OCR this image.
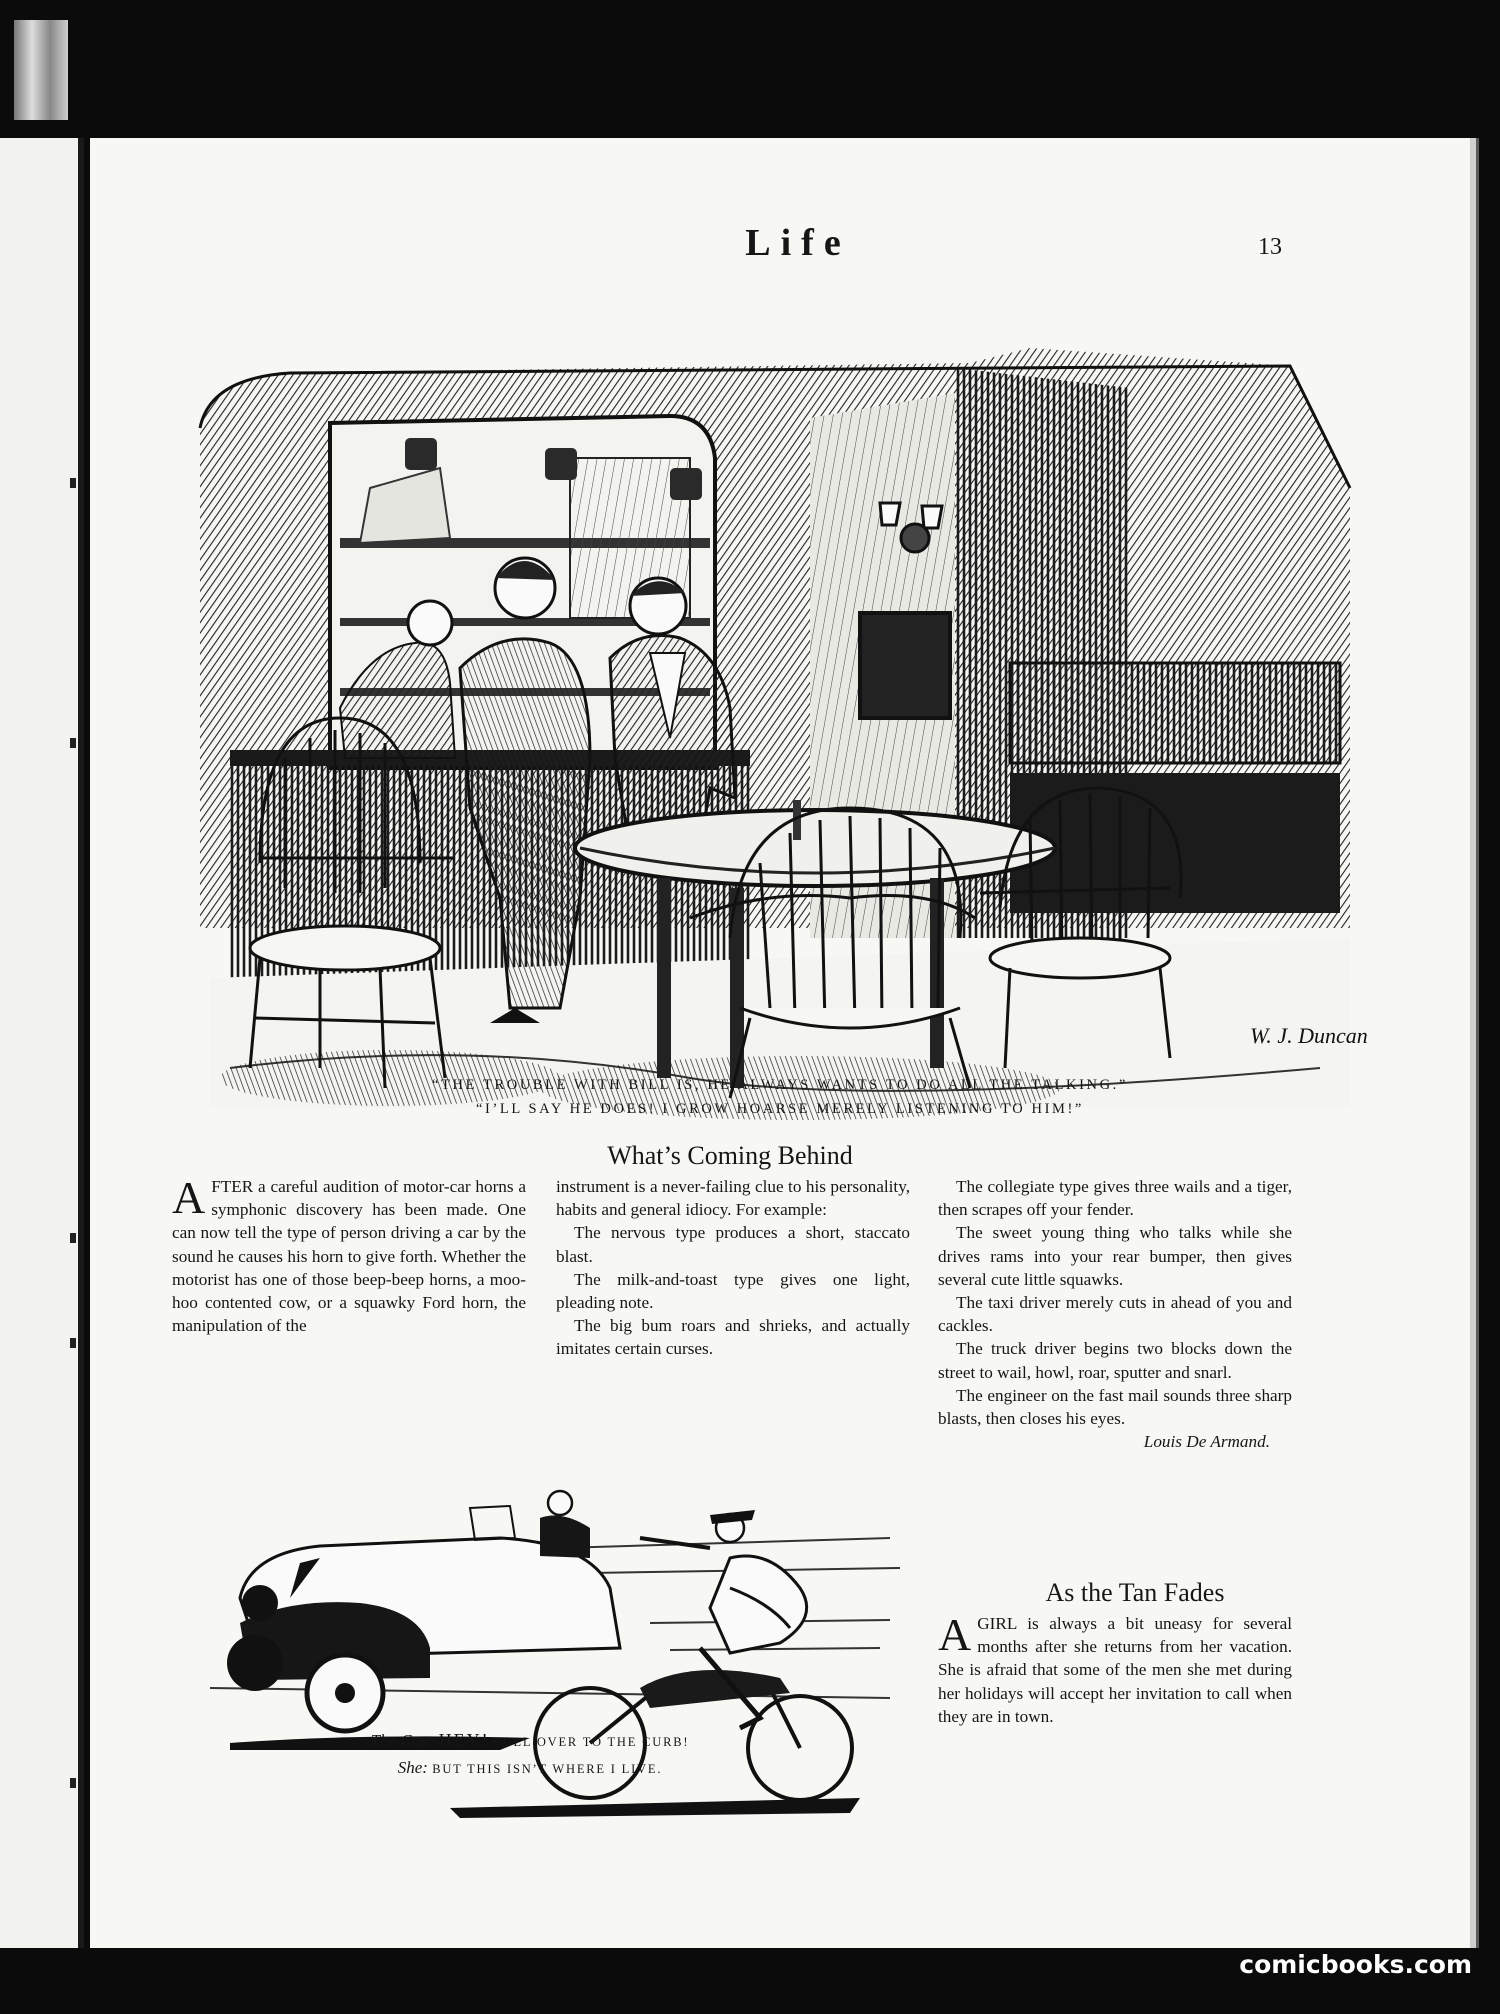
Life	13
W. J. Duncan
“THE TROUBLE WITH BILL IS, HE ALWAYS WANTS TO DO ALL THE TALKING.”
“I’LL SAY HE DOES! I GROW HOARSE MERELY LISTENING TO HIM!”
What’s Coming Behind

AFTER a careful audition of motor-car horns a symphonic discovery has been made. One can now tell the type of person driving a car by the sound he causes his horn to give forth. Whether the motorist has one of those beep-beep horns, a moo-hoo contented cow, or a squawky Ford horn, the manipulation of the

instrument is a never-failing clue to his personality, habits and general idiocy. For example:

The nervous type produces a short, staccato blast.

The milk-and-toast type gives one light, pleading note.

The big bum roars and shrieks, and actually imitates certain curses.

The collegiate type gives three wails and a tiger, then scrapes off your fender.

The sweet young thing who talks while she drives rams into your rear bumper, then gives several cute little squawks.

The taxi driver merely cuts in ahead of you and cackles.

The truck driver begins two blocks down the street to wail, howl, roar, sputter and snarl.

The engineer on the fast mail sounds three sharp blasts, then closes his eyes.

Louis De Armand.

The Cop: HEY! PULL OVER TO THE CURB!
She: BUT THIS ISN’T WHERE I LIVE.
As the Tan Fades

AGIRL is always a bit uneasy for several months after she returns from her vacation. She is afraid that some of the men she met during her holidays will accept her invitation to call when they are in town.

comicbooks.com
